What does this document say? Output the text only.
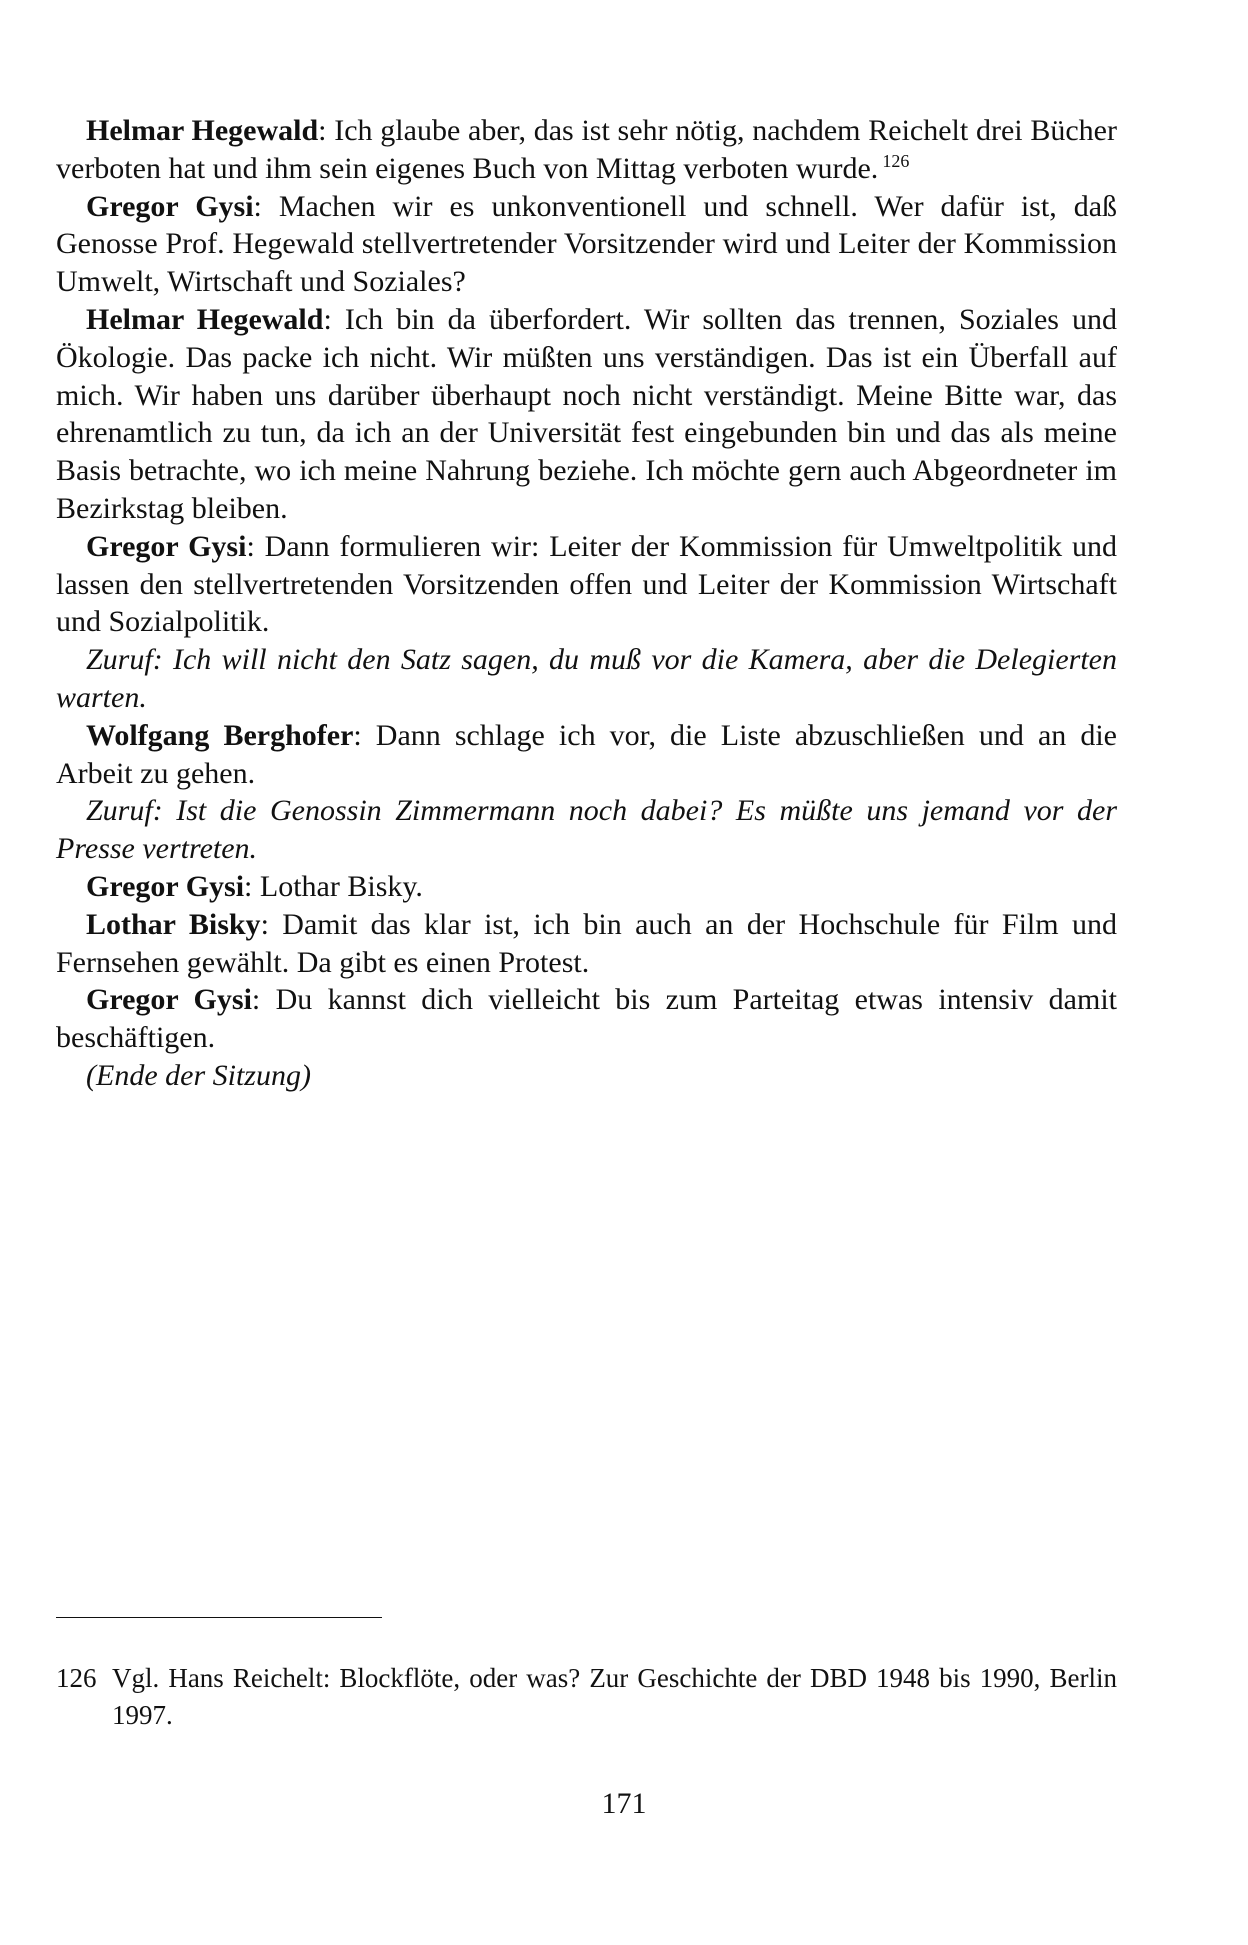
Helmar Hegewald: Ich glaube aber, das ist sehr nötig, nachdem Reichelt drei Bücher verboten hat und ihm sein eigenes Buch von Mittag verboten wurde. $^{126}$

Gregor Gysi: Machen wir es unkonventionell und schnell. Wer dafür ist, daß Genosse Prof. Hegewald stellvertretender Vorsitzender wird und Leiter der Kommission Umwelt, Wirtschaft und Soziales?

Helmar Hegewald: Ich bin da überfordert. Wir sollten das trennen, Soziales und Ökologie. Das packe ich nicht. Wir müßten uns verständigen. Das ist ein Überfall auf mich. Wir haben uns darüber überhaupt noch nicht verständigt. Meine Bitte war, das ehrenamtlich zu tun, da ich an der Universität fest eingebunden bin und das als meine Basis betrachte, wo ich meine Nahrung beziehe. Ich möchte gern auch Abgeordneter im Bezirkstag bleiben.

Gregor Gysi: Dann formulieren wir: Leiter der Kommission für Umweltpolitik und lassen den stellvertretenden Vorsitzenden offen und Leiter der Kommission Wirtschaft und Sozialpolitik.

Zuruf: Ich will nicht den Satz sagen, du muß vor die Kamera, aber die Delegierten warten.

Wolfgang Berghofer: Dann schlage ich vor, die Liste abzuschließen und an die Arbeit zu gehen.

Zuruf: Ist die Genossin Zimmermann noch dabei? Es müßte uns jemand vor der Presse vertreten.

Gregor Gysi: Lothar Bisky.

Lothar Bisky: Damit das klar ist, ich bin auch an der Hochschule für Film und Fernsehen gewählt. Da gibt es einen Protest.

Gregor Gysi: Du kannst dich vielleicht bis zum Parteitag etwas intensiv damit beschäftigen.

(Ende der Sitzung)

126 Vgl. Hans Reichelt: Blockflöte, oder was? Zur Geschichte der DBD 1948 bis 1990, Berlin 1997.
171
